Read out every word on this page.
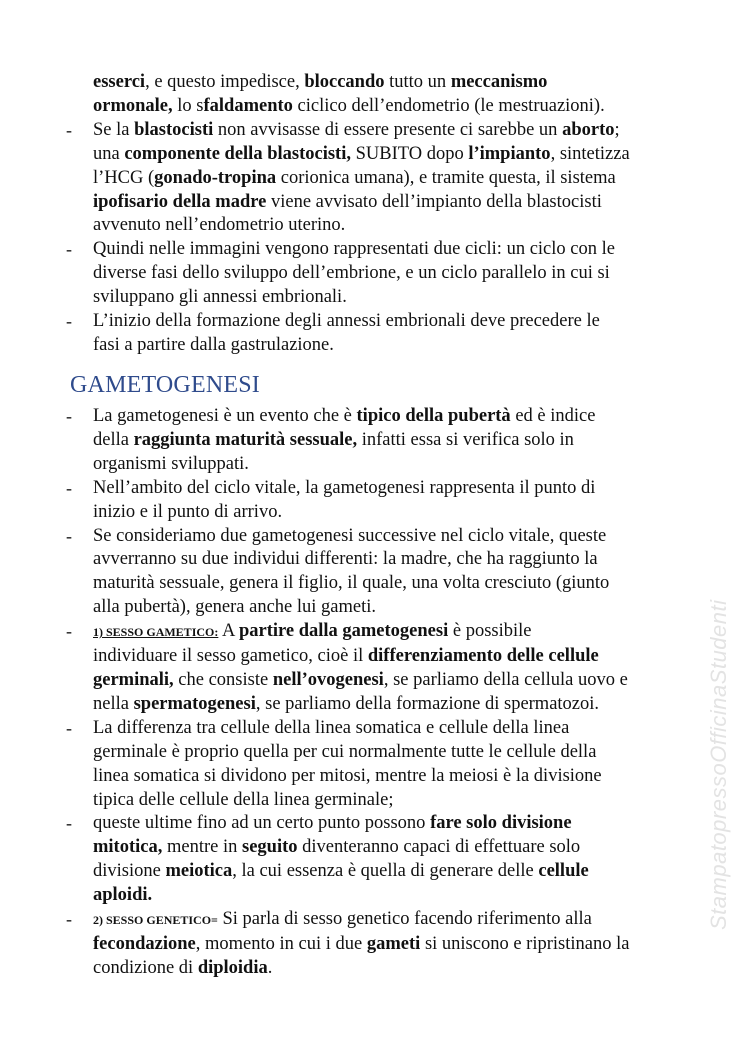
StampatopressoOfficinaStudenti
esserci, e questo impedisce, bloccando tutto un meccanismo
ormonale, lo sfaldamento ciclico dell’endometrio (le mestruazioni).
- Se la blastocisti non avvisasse di essere presente ci sarebbe un aborto;
una componente della blastocisti, SUBITO dopo l’impianto, sintetizza
l’HCG (gonado-tropina corionica umana), e tramite questa, il sistema
ipofisario della madre viene avvisato dell’impianto della blastocisti
avvenuto nell’endometrio uterino.
- Quindi nelle immagini vengono rappresentati due cicli: un ciclo con le
diverse fasi dello sviluppo dell’embrione, e un ciclo parallelo in cui si
sviluppano gli annessi embrionali.
- L’inizio della formazione degli annessi embrionali deve precedere le
fasi a partire dalla gastrulazione.
GAMETOGENESI
- La gametogenesi è un evento che è tipico della pubertà ed è indice
della raggiunta maturità sessuale, infatti essa si verifica solo in
organismi sviluppati.
- Nell’ambito del ciclo vitale, la gametogenesi rappresenta il punto di
inizio e il punto di arrivo.
- Se consideriamo due gametogenesi successive nel ciclo vitale, queste
avverranno su due individui differenti: la madre, che ha raggiunto la
maturità sessuale, genera il figlio, il quale, una volta cresciuto (giunto
alla pubertà), genera anche lui gameti.
- 1) SESSO GAMETICO: A partire dalla gametogenesi è possibile
individuare il sesso gametico, cioè il differenziamento delle cellule
germinali, che consiste nell’ovogenesi, se parliamo della cellula uovo e
nella spermatogenesi, se parliamo della formazione di spermatozoi.
- La differenza tra cellule della linea somatica e cellule della linea
germinale è proprio quella per cui normalmente tutte le cellule della
linea somatica si dividono per mitosi, mentre la meiosi è la divisione
tipica delle cellule della linea germinale;
- queste ultime fino ad un certo punto possono fare solo divisione
mitotica, mentre in seguito diventeranno capaci di effettuare solo
divisione meiotica, la cui essenza è quella di generare delle cellule
aploidi.
- 2) SESSO GENETICO= Si parla di sesso genetico facendo riferimento alla
fecondazione, momento in cui i due gameti si uniscono e ripristinano la
condizione di diploidia.
